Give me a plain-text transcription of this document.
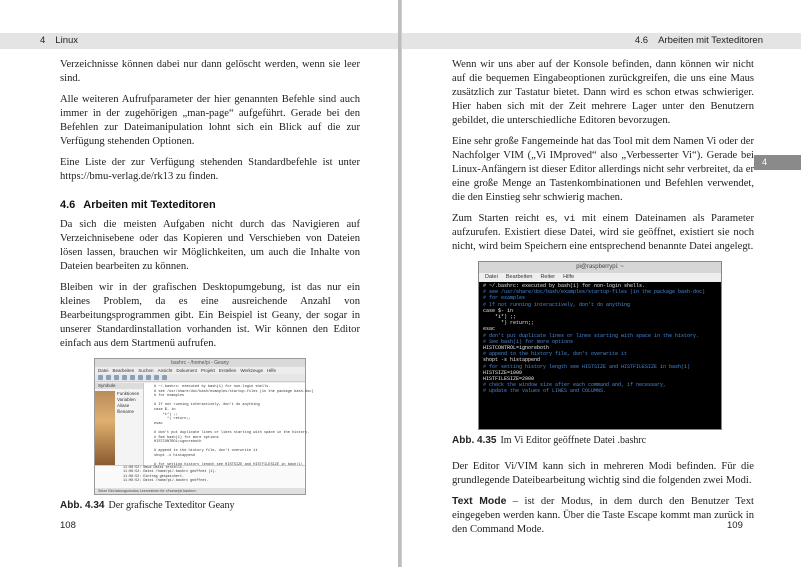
4 Linux

Verzeichnisse können dabei nur dann gelöscht werden, wenn sie leer sind.

Alle weiteren Aufrufparameter der hier genannten Befehle sind auch immer in der zugehörigen „man-page“ aufgeführt. Gerade bei den Befehlen zur Dateimanipulation lohnt sich ein Blick auf die zur Verfügung stehenden Optionen.

Eine Liste der zur Verfügung stehenden Standardbefehle ist unter https://bmu-verlag.de/rk13 zu finden.

4.6 Arbeiten mit Texteditoren

Da sich die meisten Aufgaben nicht durch das Navigieren auf Verzeichnisebene oder das Kopieren und Verschieben von Dateien lösen lassen, brauchen wir Möglichkeiten, um auch die Inhalte von Dateien bearbeiten zu können.

Bleiben wir in der grafischen Desktopumgebung, ist das nur ein kleines Problem, da es eine ausreichende Anzahl von Bearbeitungsprogrammen gibt. Ein Beispiel ist Geany, der sogar in unserer Standardinstallation vorhanden ist. Wir können den Editor einfach aus dem Startmenü aufrufen.

bashrc - /home/pi - Geany
Datei Bearbeiten Suchen Ansicht Dokument Projekt Erstellen Werkzeuge Hilfe
Symbole
Funktionen
Variablen
Aliase
filename
# ~/.bashrc: executed by bash(1) for non-login shells.
# see /usr/share/doc/bash/examples/startup-files (in the package bash-doc)
# for examples

# If not running interactively, don't do anything
case $- in
*i*) ;;
*) return;;
esac

# don't put duplicate lines or lines starting with space in the history.
# See bash(1) for more options
HISTCONTROL=ignoreboth

# append to the history file, don't overwrite it
shopt -s histappend

11:08:52: Neue Datei erstellt.
11:08:52: Datei /home/pi/.bashrc geöffnet (1).
11:08:52: Eintrag gespeichert.
11:08:52: Datei /home/pi/.bashrc geöffnet.
Setze Einrückungsmodus Leerzeichen für »/home/pi/.bashrc«.
Abb. 4.34 Der grafische Texteditor Geany
108
4.6 Arbeiten mit Texteditoren
4

Wenn wir uns aber auf der Konsole befinden, dann können wir nicht auf die bequemen Eingabeoptionen zurückgreifen, die uns eine Maus zusätzlich zur Tastatur bietet. Dann wird es schon etwas schwieriger. Hier haben sich mit der Zeit mehrere Lager unter den Benutzern gebildet, die unterschiedliche Editoren bevorzugen.

Eine sehr große Fangemeinde hat das Tool mit dem Namen Vi oder der Nachfolger VIM („Vi IMproved“ also „Verbesserter Vi“). Gerade bei Linux-Anfängern ist dieser Editor allerdings nicht sehr verbreitet, da er eine große Menge an Tastenkombinationen und Befehlen verwendet, die den Einstieg sehr schwierig machen.

Zum Starten reicht es, vi mit einem Dateinamen als Parameter aufzurufen. Existiert diese Datei, wird sie geöffnet, existiert sie noch nicht, wird beim Speichern eine entsprechend benannte Datei angelegt.

pi@raspberrypi: ~
Datei Bearbeiten Reiter Hilfe
# ~/.bashrc: executed by bash(1) for non-login shells.
# see /usr/share/doc/bash/examples/startup-files (in the package bash-doc)
# for examples
# If not running interactively, don't do anything
case $- in
*i*) ;;
*) return;;
esac
# don't put duplicate lines or lines starting with space in the history.
# See bash(1) for more options
HISTCONTROL=ignoreboth
# append to the history file, don't overwrite it
shopt -s histappend
# for setting history length see HISTSIZE and HISTFILESIZE in bash(1)
HISTSIZE=1000
HISTFILESIZE=2000
# check the window size after each command and, if necessary,
# update the values of LINES and COLUMNS.
Abb. 4.35 Im Vi Editor geöffnete Datei .bashrc

Der Editor Vi/VIM kann sich in mehreren Modi befinden. Für die grundlegende Dateibearbeitung wichtig sind die folgenden zwei Modi.

Text Mode – ist der Modus, in dem durch den Benutzer Text eingegeben werden kann. Über die Taste Escape kommt man zurück in den Command Mode.	109
